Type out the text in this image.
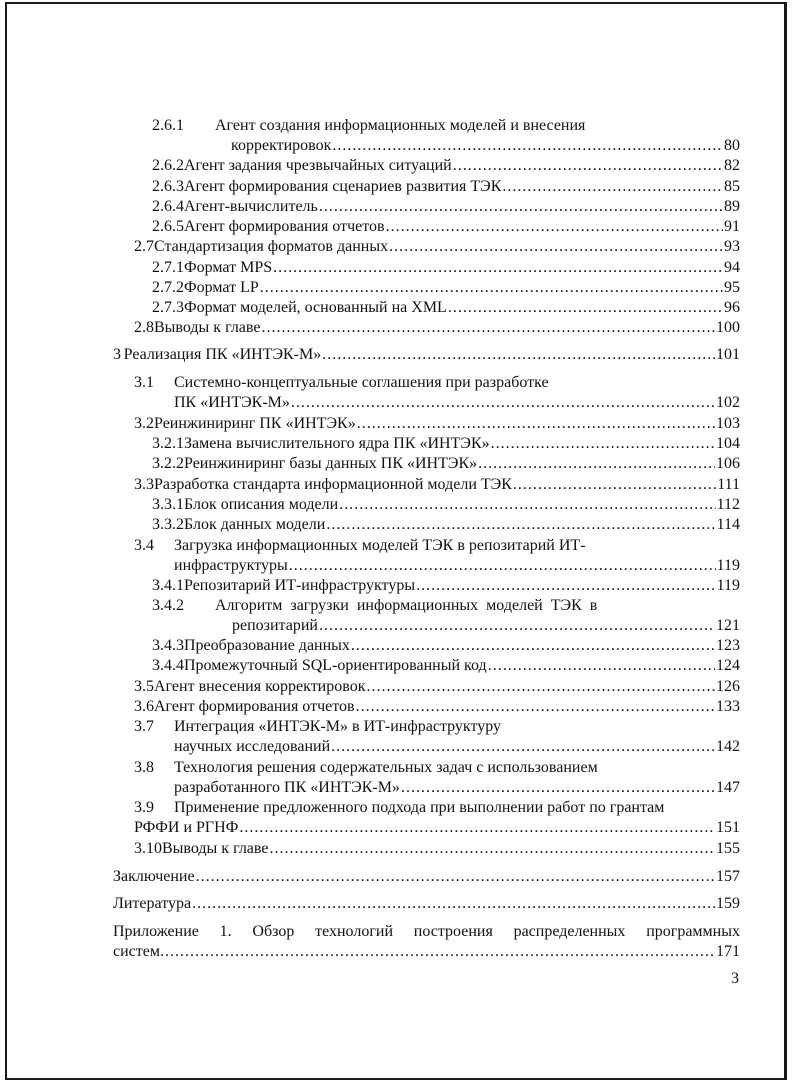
2.6.1 Агент создания информационных моделей и внесения
корректировок .....	80
2.6.2 Агент задания чрезвычайных ситуаций .....	82
2.6.3 Агент формирования сценариев развития ТЭК .....	85
2.6.4 Агент-вычислитель .....	89
2.6.5 Агент формирования отчетов .....	91
2.7 Стандартизация форматов данных .....	93
2.7.1 Формат MPS .....	94
2.7.2 Формат LP .....	95
2.7.3 Формат моделей, основанный на XML .....	96
2.8 Выводы к главе .....	100
3 Реализация ПК «ИНТЭК-М» .....	101
3.1 Системно-концептуальные соглашения при разработке
ПК «ИНТЭК-М» .....	102
3.2 Реинжиниринг ПК «ИНТЭК» .....	103
3.2.1 Замена вычислительного ядра ПК «ИНТЭК» .....	104
3.2.2 Реинжиниринг базы данных ПК «ИНТЭК» .....	106
3.3 Разработка стандарта информационной модели ТЭК .....	111
3.3.1 Блок описания модели .....	112
3.3.2 Блок данных модели .....	114
3.4 Загрузка информационных моделей ТЭК в репозитарий ИТ-
инфраструктуры .....	119
3.4.1 Репозитарий ИТ-инфраструктуры .....	119
3.4.2 Алгоритм загрузки информационных моделей ТЭК в
репозитарий .....	121
3.4.3 Преобразование данных .....	123
3.4.4 Промежуточный SQL-ориентированный код .....	124
3.5 Агент внесения корректировок .....	126
3.6 Агент формирования отчетов .....	133
3.7 Интеграция «ИНТЭК-М» в ИТ-инфраструктуру
научных исследований .....	142
3.8 Технология решения содержательных задач с использованием
разработанного ПК «ИНТЭК-М» .....	147
3.9 Применение предложенного подхода при выполнении работ по грантам
РФФИ и РГНФ .....	151
3.10 Выводы к главе .....	155
Заключение .....	157
Литература .....	159
Приложение 1. Обзор технологий построения распределенных программных
систем. .....	171
3
